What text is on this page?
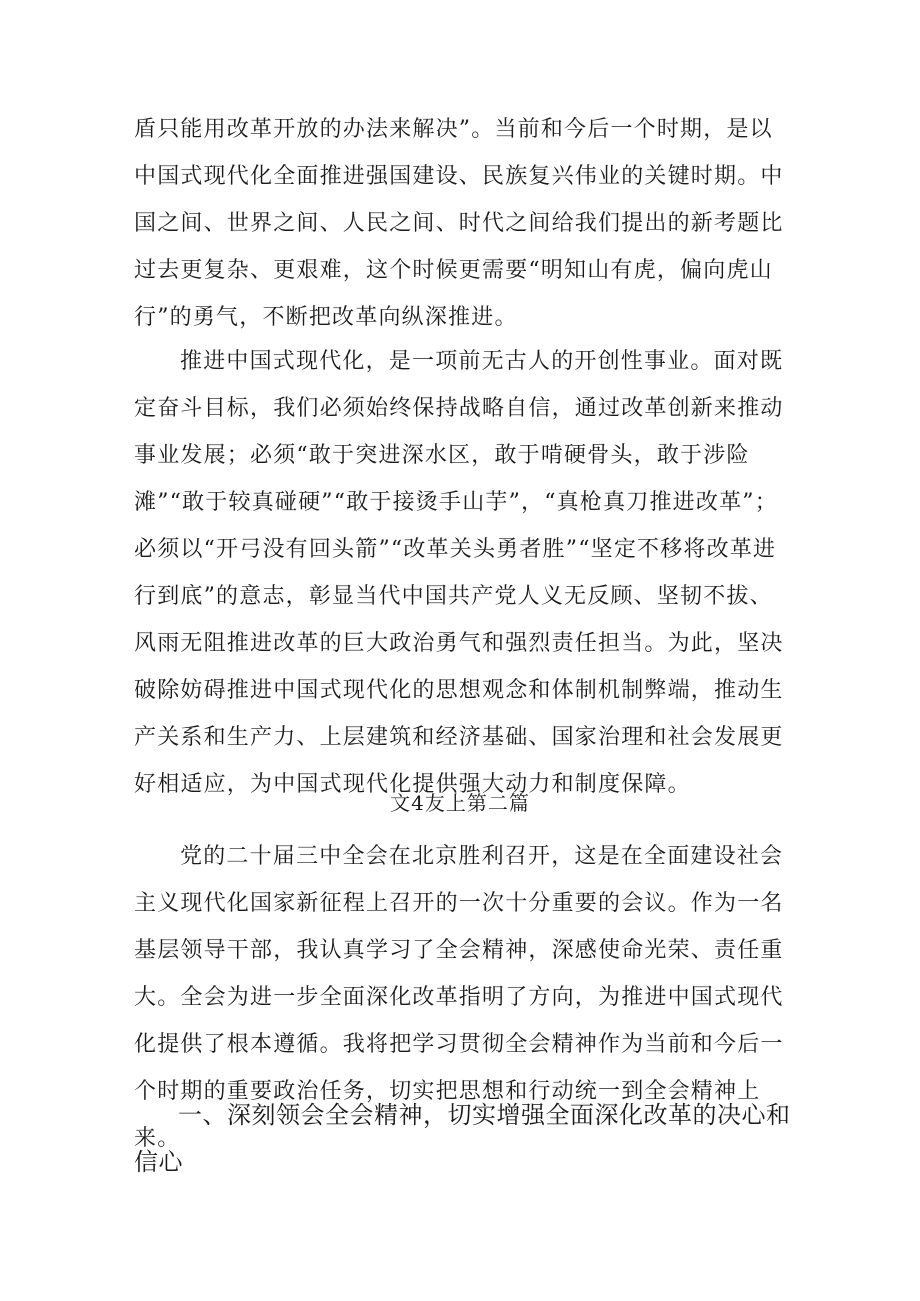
盾只能用改革开放的办法来解决”。当前和今后一个时期，是以中国式现代化全面推进强国建设、民族复兴伟业的关键时期。中国之间、世界之间、人民之间、时代之间给我们提出的新考题比过去更复杂、更艰难，这个时候更需要“明知山有虎，偏向虎山行”的勇气，不断把改革向纵深推进。

推进中国式现代化，是一项前无古人的开创性事业。面对既定奋斗目标，我们必须始终保持战略自信，通过改革创新来推动事业发展；必须“敢于突进深水区，敢于啃硬骨头，敢于涉险滩”“敢于较真碰硬”“敢于接烫手山芋”，“真枪真刀推进改革”；必须以“开弓没有回头箭”“改革关头勇者胜”“坚定不移将改革进行到底”的意志，彰显当代中国共产党人义无反顾、坚韧不拔、风雨无阻推进改革的巨大政治勇气和强烈责任担当。为此，坚决破除妨碍推进中国式现代化的思想观念和体制机制弊端，推动生产关系和生产力、上层建筑和经济基础、国家治理和社会发展更好相适应，为中国式现代化提供强大动力和制度保障。

文4友上第二篇

党的二十届三中全会在北京胜利召开，这是在全面建设社会主义现代化国家新征程上召开的一次十分重要的会议。作为一名基层领导干部，我认真学习了全会精神，深感使命光荣、责任重大。全会为进一步全面深化改革指明了方向，为推进中国式现代化提供了根本遵循。我将把学习贯彻全会精神作为当前和今后一个时期的重要政治任务，切实把思想和行动统一到全会精神上来。

一、深刻领会全会精神，切实增强全面深化改革的决心和信心
